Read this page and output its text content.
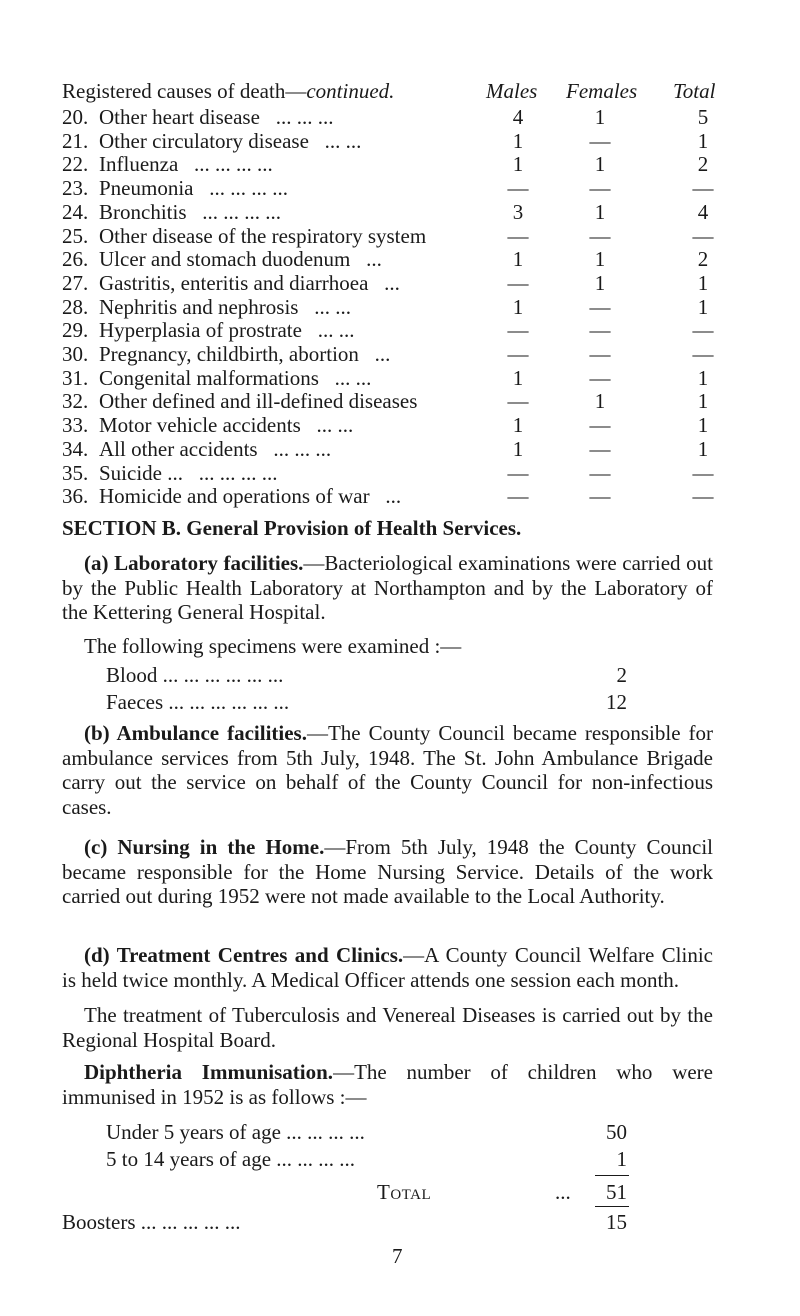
Registered causes of death—continued.	Males Females Total
20. Other heart disease ... ... ...	4	1	5
21. Other circulatory disease ... ...	1	—	1
22. Influenza ... ... ... ...	1	1	2
23. Pneumonia ... ... ... ...	—	—	—
24. Bronchitis ... ... ... ...	3	1	4
25. Other disease of the respiratory system	—	—	—
26. Ulcer and stomach duodenum ...	1	1	2
27. Gastritis, enteritis and diarrhoea ...	—	1	1
28. Nephritis and nephrosis ... ...	1	—	1
29. Hyperplasia of prostrate ... ...	—	—	—
30. Pregnancy, childbirth, abortion ...	—	—	—
31. Congenital malformations ... ...	1	—	1
32. Other defined and ill-defined diseases	—	1	1
33. Motor vehicle accidents ... ...	1	—	1
34. All other accidents ... ... ...	1	—	1
35. Suicide ... ... ... ... ...	—	—	—
36. Homicide and operations of war ...	—	—	—
SECTION B. General Provision of Health Services.
(a) Laboratory facilities.—Bacteriological examinations were carried out by the Public Health Laboratory at Northampton and by the Laboratory of the Kettering General Hospital.
The following specimens were examined :—
Blood ... ... ... ... ... ...	2
Faeces ... ... ... ... ... ...	12
(b) Ambulance facilities.—The County Council became responsible for ambulance services from 5th July, 1948. The St. John Ambulance Brigade carry out the service on behalf of the County Council for non-infectious cases.
(c) Nursing in the Home.—From 5th July, 1948 the County Council became responsible for the Home Nursing Service. Details of the work carried out during 1952 were not made available to the Local Authority.
(d) Treatment Centres and Clinics.—A County Council Welfare Clinic is held twice monthly. A Medical Officer attends one session each month.
The treatment of Tuberculosis and Venereal Diseases is carried out by the Regional Hospital Board.
Diphtheria Immunisation.—The number of children who were immunised in 1952 is as follows :—
Under 5 years of age ... ... ... ...	50
5 to 14 years of age ... ... ... ...	1
Total	...	51
Boosters ... ... ... ... ...	15
7
